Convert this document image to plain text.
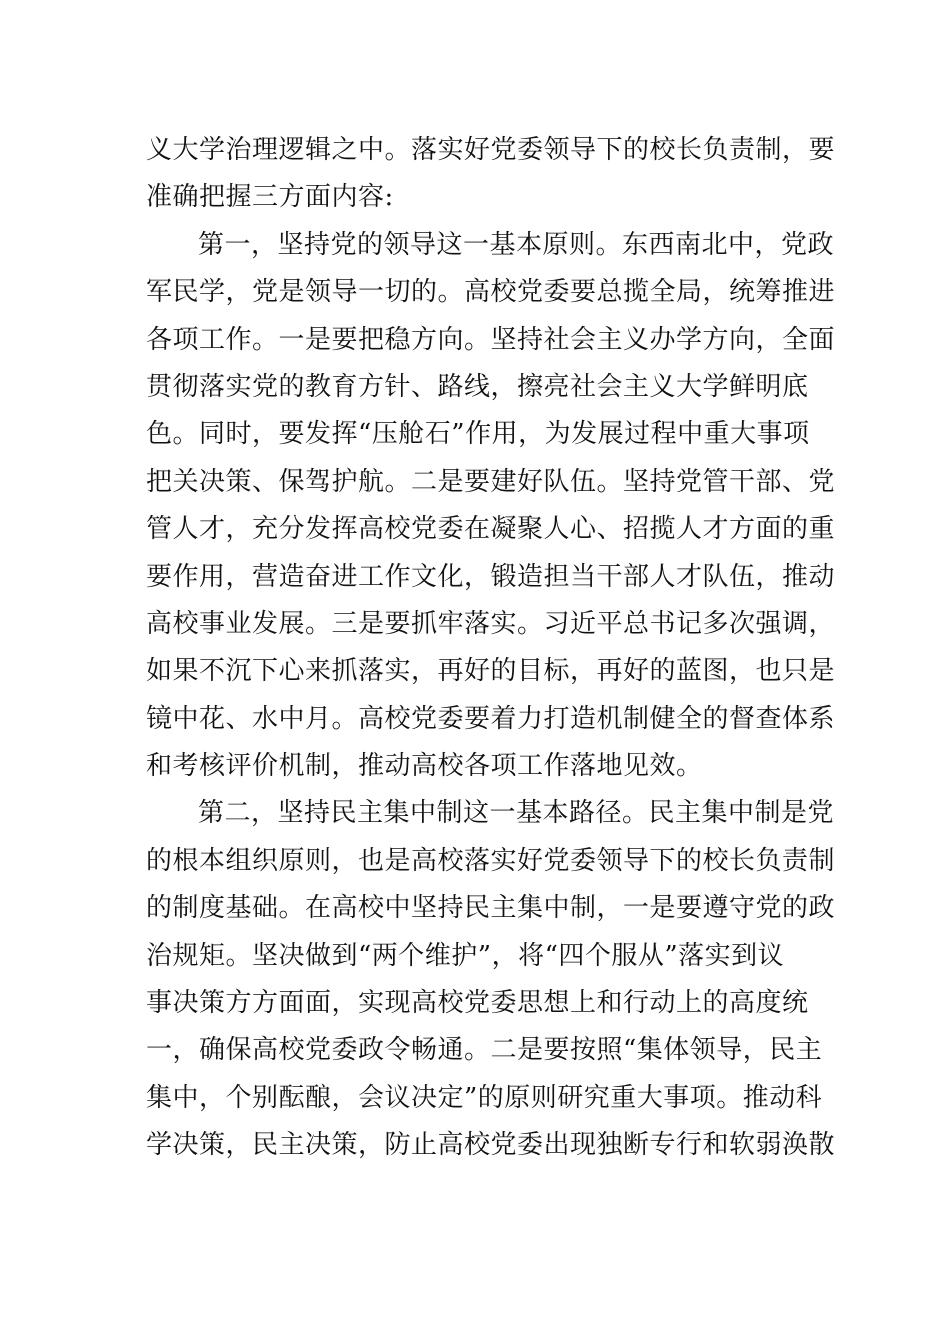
义大学治理逻辑之中。落实好党委领导下的校长负责制，要
准确把握三方面内容:
第一，坚持党的领导这一基本原则。东西南北中，党政
军民学，党是领导一切的。高校党委要总揽全局，统筹推进
各项工作。一是要把稳方向。坚持社会主义办学方向，全面
贯彻落实党的教育方针、路线，擦亮社会主义大学鲜明底
色。同时，要发挥“压舱石”作用，为发展过程中重大事项
把关决策、保驾护航。二是要建好队伍。坚持党管干部、党
管人才，充分发挥高校党委在凝聚人心、招揽人才方面的重
要作用，营造奋进工作文化，锻造担当干部人才队伍，推动
高校事业发展。三是要抓牢落实。习近平总书记多次强调，
如果不沉下心来抓落实，再好的目标，再好的蓝图，也只是
镜中花、水中月。高校党委要着力打造机制健全的督查体系
和考核评价机制，推动高校各项工作落地见效。
第二，坚持民主集中制这一基本路径。民主集中制是党
的根本组织原则，也是高校落实好党委领导下的校长负责制
的制度基础。在高校中坚持民主集中制，一是要遵守党的政
治规矩。坚决做到“两个维护”，将“四个服从”落实到议
事决策方方面面，实现高校党委思想上和行动上的高度统
一，确保高校党委政令畅通。二是要按照“集体领导，民主
集中，个别酝酿，会议决定”的原则研究重大事项。推动科
学决策，民主决策，防止高校党委出现独断专行和软弱涣散
